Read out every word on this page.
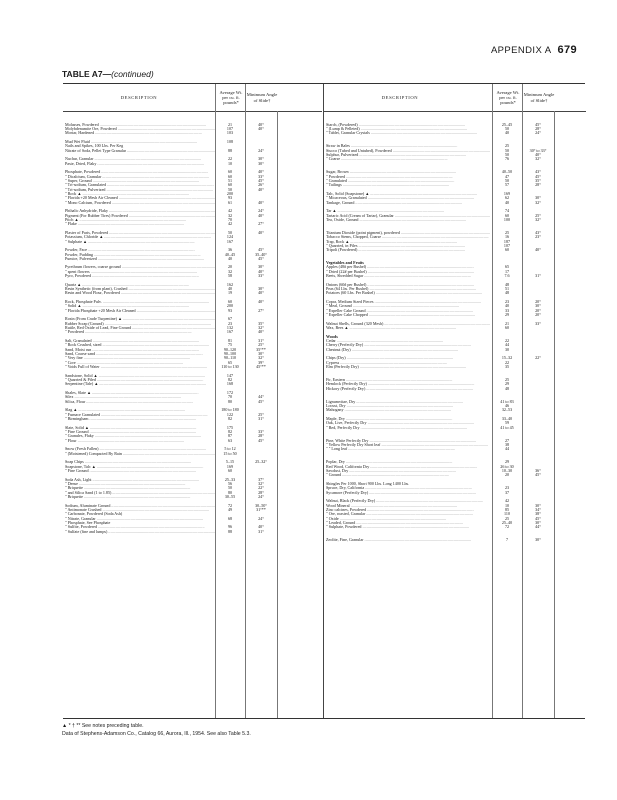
APPENDIX A 679
TABLE A7—(continued)
DESCRIPTION
Average Wt. per cu. ft. pounds*
Minimum Angle of Slide†
Molasses, Powdered .....	21	40°
Molybdenumite Ore, Powdered .....	107	40°
Mortar, Hardened .....	103
Mud Wet Fluid .....	108
Nails and Spikes, 100 Lbs. Per Keg
Nitrate of Soda, Pellet Type Granular .....	88	24°
Nuchar, Granular .....	22	30°
Paste, Dried, Flaky .....	10	30°
Phosphate, Powdered .....	60	40°
" Dicalcium, Granular .....	60	33°
" Super, Ground .....	51	45°
" Tri-sodium, Granulated .....	60	26°
" Tri-sodium, Pulverized .....	50	40°
" Rock ▲ .....	200
" Florida +20 Mesh Air Cleaned .....	93
" Mono Calcium, Powdered .....	61	40°
Phthalic Anhydride, Flaky .....	42	24°
Pigment (For Rubber Tires) Powdered .....	32	40°
Pitch ▲ .....	70
" Flake .....	42	27°
Plaster of Paris, Powdered .....	50	40°
Potassium, Chloride ▲ .....	124
" Sulphate ▲ .....	167
Powder, Face .....	36	45°
Powder, Pudding .....	40–45	35–40°
Pumice, Pulverized .....	40	45°
Pyrethrum flowers, coarse ground .....	20	30°
" spent flowers .....	32	40°
Pyro, Powdered .....	58	33°
Quartz ▲ .....	162
Resin Synthetic (from plant), Crushed .....	40	30°
Resin and Wood Flour, Powdered .....	19	40°
Rock, Phosphate Pulv. .....	60	40°
" Solid ▲ .....	200
" Florida Phosphate +20 Mesh Air Cleaned .....	93	27°
Rosin (From Crude Turpentine) ▲ .....	67
Rubber Scrap (Ground) .....	23	35°
Rutile, Red Oxide of Lead, Fine Ground .....	132	32°
" Powdered .....	167	40°
Salt, Granulated .....	81	31°
" Rock Crushed, sized .....	75	25°
Sand, Moist run .....	90–120	35°**
Sand, Coarse sand .....	90–100	30°
" Very fine .....	90–110	32°
" Core .....	65	39°
" Voids Full of Water .....	110 to 130	45°**
Sandstone, Solid ▲ .....	147
" Quarried & Piled .....	82
Serpentine (Tale) ▲ .....	168
Shales, Slate ▲ .....	172
Silex .....	70	44°
Silica, Flour .....	80	45°
Slag ▲ .....	180 to 180
" Furnace Granulated .....	122	25°
" Birmingham .....	82	31°
Slate, Solid ▲ .....	175
" Fine Ground .....	82	33°
" Granules, Flaky .....	87	28°
" Flour .....	63	45°
Snow (Fresh Fallen) .....	5 to 12
" (Moistened) Compacted By Rain .....	15 to 50
Soap Chips .....	5–15	25–32°
Soapstone, Talc ▲ .....	169
" Fine Ground .....	60
Soda Ash, Light .....	25–33	37°
" Dense .....	56	32°
" Briquette .....	50	22°
" and Silica Sand (1 to 1.85) .....	80	28°
" Briquette .....	30–55	24°
Sodium, Aluminate Ground .....	72	30–50°
" Antimonate Crushed .....	49	31°**
" Carbonate, Powdered (Soda Ash)
" Nitrate, Granular .....	68	24°
" Phosphate, See Phosphate
" Sulfite, Powdered .....	96	40°
" Sulfate (fine and lumps) .....	88	31°
DESCRIPTION
Average Wt. per cu. ft. pounds*
Minimum Angle of Slide†
Starch, (Powdered) .....	25–45	45°
" (Lump & Pelleted) .....	50	28°
" Tablet, Granular Crystals .....	40	24°
Straw in Bales .....	25
Stucco (Tubed and Untubed), Powdered .....	50	30° to 33°
Sulphur, Pulverized .....	50	40°
" Coarse .....	76	32°
Sugar, Brown .....	40–50	43°
" Powdered .....	47	45°
" Granulated .....	50	35°
" Tailings .....	57	28°
Talc, Solid (Soapstone) ▲ .....	169
" Micaceous, Granulated .....	62	30°
Tankage, Ground .....	40	32°
Tar ▲ .....	74
Tartaric Acid (Cream of Tartar), Granular .....	60	25°
Tea, Oxide, Ground .....	100	32°
Titanium Dioxide (point pigment), powdered .....	25	43°
Tobacco Stems, Chopped, Coarse .....	16	23°
Trap, Rock ▲ .....	187
" Quarried, in Piles .....	107
Tripoli (Powdered) .....	60	40°
Vegetables and Fruits
Apples (48# per Bushel) .....	65
" Dried (22# per Bushel) .....	17
Beets, Shredded Sugar .....	7.6	31°
Onions (60# per Bushel) .....	48
Peas (64 Lbs. Per Bushel) .....	51
Potatoes (60 Lbs. Per Bushel) .....	48
Copra, Medium Sized Pieces .....	23	20°
" Meal, Ground .....	40	30°
" Expeller Cake Ground .....	33	20°
" Expeller Cake Chopped .....	29	20°
Walnut Shells, Ground (320 Mesh) .....	21	33°
Wax, Bees ▲ .....	60
Woods
Cedar .....	22
Cherry (Perfectly Dry) .....	44
Chestnut (Dry) .....	30
Chips (Dry) .....	15–32	22°
Cypress .....	22
Elm (Perfectly Dry) .....	35
Fir, Eastern .....	25
Hemlock (Perfectly Dry) .....	29
Hickory (Perfectly Dry) .....	48
Lignumvitae, Dry .....	41 to 83
Locust, Dry .....	46
Mahogany .....	32–53
Maple, Dry .....	33–40
Oak, Live, Perfectly Dry .....	59
" Red, Perfectly Dry .....	41 to 45
Pine, White Perfectly Dry .....	27
" Yellow Perfectly Dry Short leaf .....	38
" " Long leaf .....	44
Poplar, Dry .....	29
Red Wood, California Dry .....	26 to 30
Sawdust, Dry .....	10–30	36°
" Ground .....	20	45°
Shingles Per 1000, Short 900 Lbs. Long 1400 Lbs.
Spruce, Dry, California .....	23
Sycamore (Perfectly Dry) .....	37
Walnut, Black (Perfectly Dry) .....	42
Wood Mineral .....	10	30°
Zinc calcines, Powdered .....	85	34°
" Ore, roasted, Granular .....	110	38°
" Oxide .....	25	45°
" Leaded, Ground .....	25–40	30°
" Sulphate, Powdered .....	72	44°
Zeolite, Fine, Granular .....	7	30°
▲ * † ** See notes preceding table.
Data of Stephens-Adamson Co., Catalog 66, Aurora, Ill., 1954. See also Table 5.3.
